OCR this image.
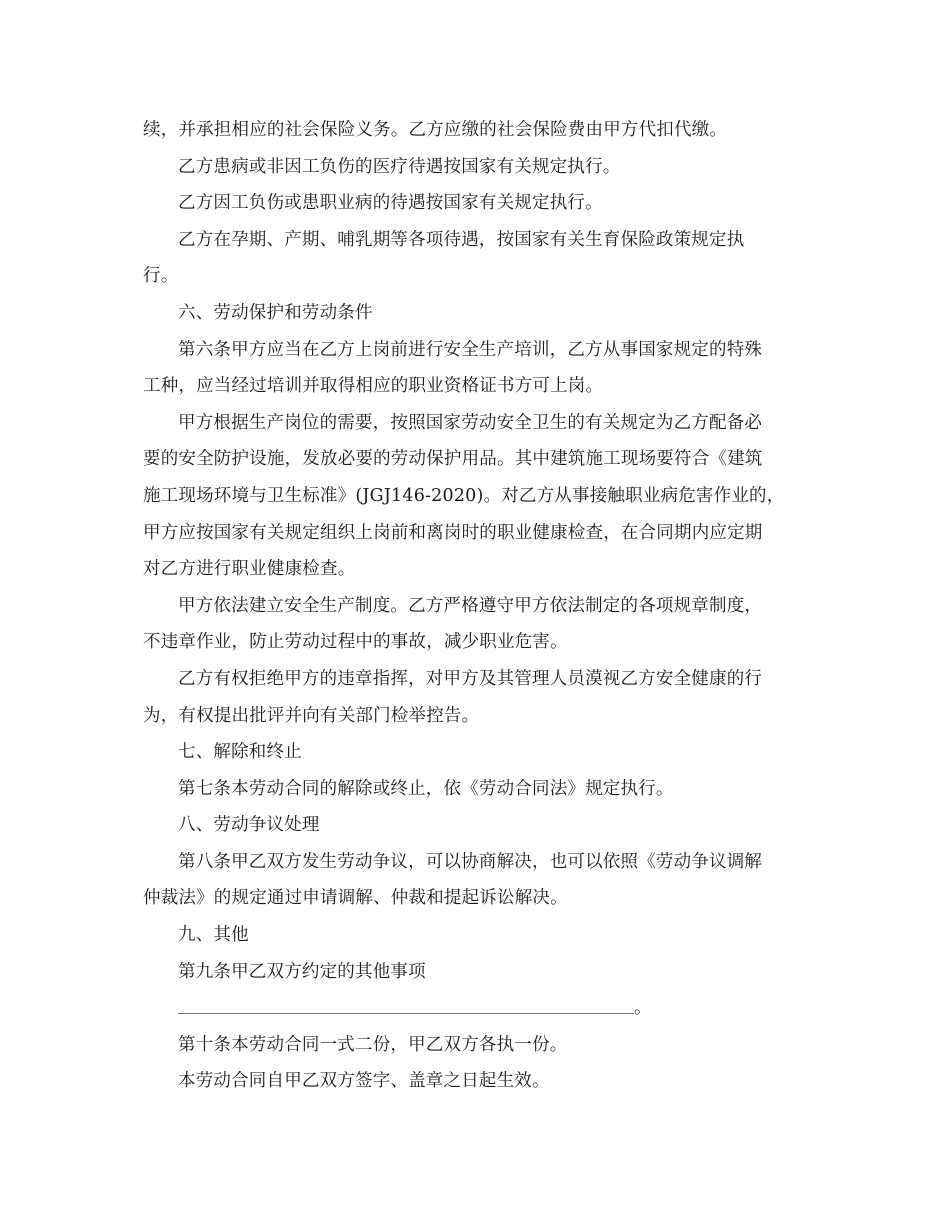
续，并承担相应的社会保险义务。乙方应缴的社会保险费由甲方代扣代缴。
乙方患病或非因工负伤的医疗待遇按国家有关规定执行。
乙方因工负伤或患职业病的待遇按国家有关规定执行。
乙方在孕期、产期、哺乳期等各项待遇，按国家有关生育保险政策规定执
行。
六、劳动保护和劳动条件
第六条甲方应当在乙方上岗前进行安全生产培训，乙方从事国家规定的特殊
工种，应当经过培训并取得相应的职业资格证书方可上岗。
甲方根据生产岗位的需要，按照国家劳动安全卫生的有关规定为乙方配备必
要的安全防护设施，发放必要的劳动保护用品。其中建筑施工现场要符合《建筑
施工现场环境与卫生标准》(JGJ146-2020)。对乙方从事接触职业病危害作业的，
甲方应按国家有关规定组织上岗前和离岗时的职业健康检查，在合同期内应定期
对乙方进行职业健康检查。
甲方依法建立安全生产制度。乙方严格遵守甲方依法制定的各项规章制度，
不违章作业，防止劳动过程中的事故，减少职业危害。
乙方有权拒绝甲方的违章指挥，对甲方及其管理人员漠视乙方安全健康的行
为，有权提出批评并向有关部门检举控告。
七、解除和终止
第七条本劳动合同的解除或终止，依《劳动合同法》规定执行。
八、劳动争议处理
第八条甲乙双方发生劳动争议，可以协商解决，也可以依照《劳动争议调解
仲裁法》的规定通过申请调解、仲裁和提起诉讼解决。
九、其他
第九条甲乙双方约定的其他事项
。
第十条本劳动合同一式二份，甲乙双方各执一份。
本劳动合同自甲乙双方签字、盖章之日起生效。
